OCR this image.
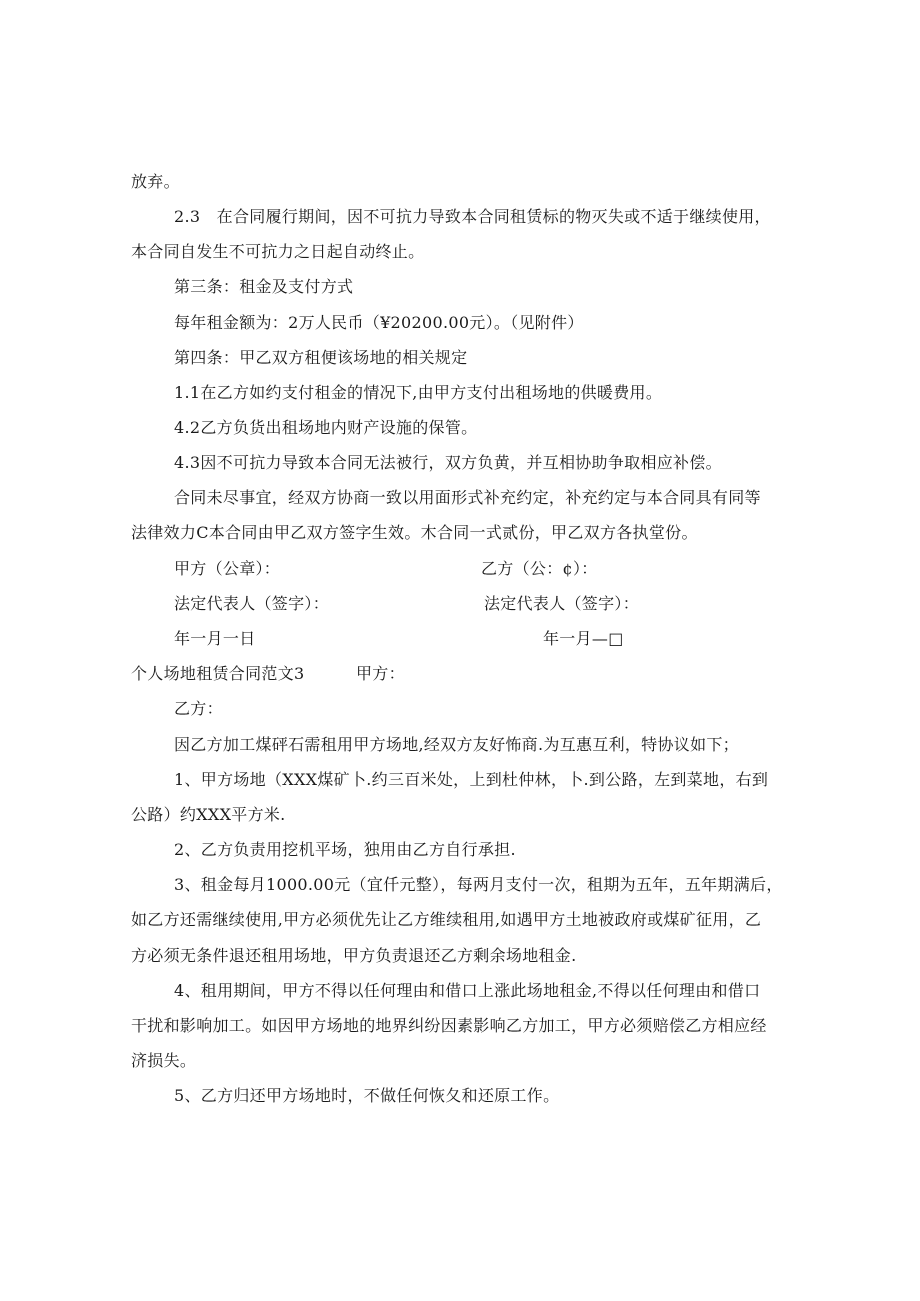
放弃。
2.3　在合同履行期间，因不可抗力导致本合同租赁标的物灭失或不适于继续使用，
本合同自发生不可抗力之日起自动终止。
第三条：租金及支付方式
每年租金额为：2万人民币（¥20200.00元）。（见附件）
第四条：甲乙双方租便该场地的相关规定
1.1在乙方如约支付租金的情况下,由甲方支付出租场地的供暖费用。
4.2乙方负货出租场地内财产设施的保管。
4.3因不可抗力导致本合同无法被行，双方负黄，并互相协助争取相应补偿。
合同未尽事宜，经双方协商一致以用面形式补充约定，补充约定与本合同具有同等
法律效力C本合同由甲乙双方签字生效。木合同一式贰份，甲乙双方各执堂份。
甲方（公章）：	乙方（公：¢）：
法定代表人（签字）：	法定代表人（签字）：
年一月一日	年一月—□
个人场地租赁合同范文3	甲方：
乙方：
因乙方加工煤砰石需租用甲方场地,经双方友好怖商.为互惠互利，特协议如下；
1、甲方场地（XXX煤矿卜.约三百米处，上到杜仲林，卜.到公路，左到菜地，右到
公路）约XXX平方米.
2、乙方负责用挖机平场，独用由乙方自行承担.
3、租金每月1000.00元（宜仟元整），每两月支付一次，租期为五年，五年期满后，
如乙方还需继续使用,甲方必须优先让乙方维续租用,如遇甲方土地被政府或煤矿征用，乙
方必须无条件退还租用场地，甲方负责退还乙方剩余场地租金.
4、租用期间，甲方不得以任何理由和借口上涨此场地租金,不得以任何理由和借口
干扰和影响加工。如因甲方场地的地界纠纷因素影响乙方加工，甲方必须赔偿乙方相应经
济损失。
5、乙方归还甲方场地时，不做任何恢夂和还原工作。
